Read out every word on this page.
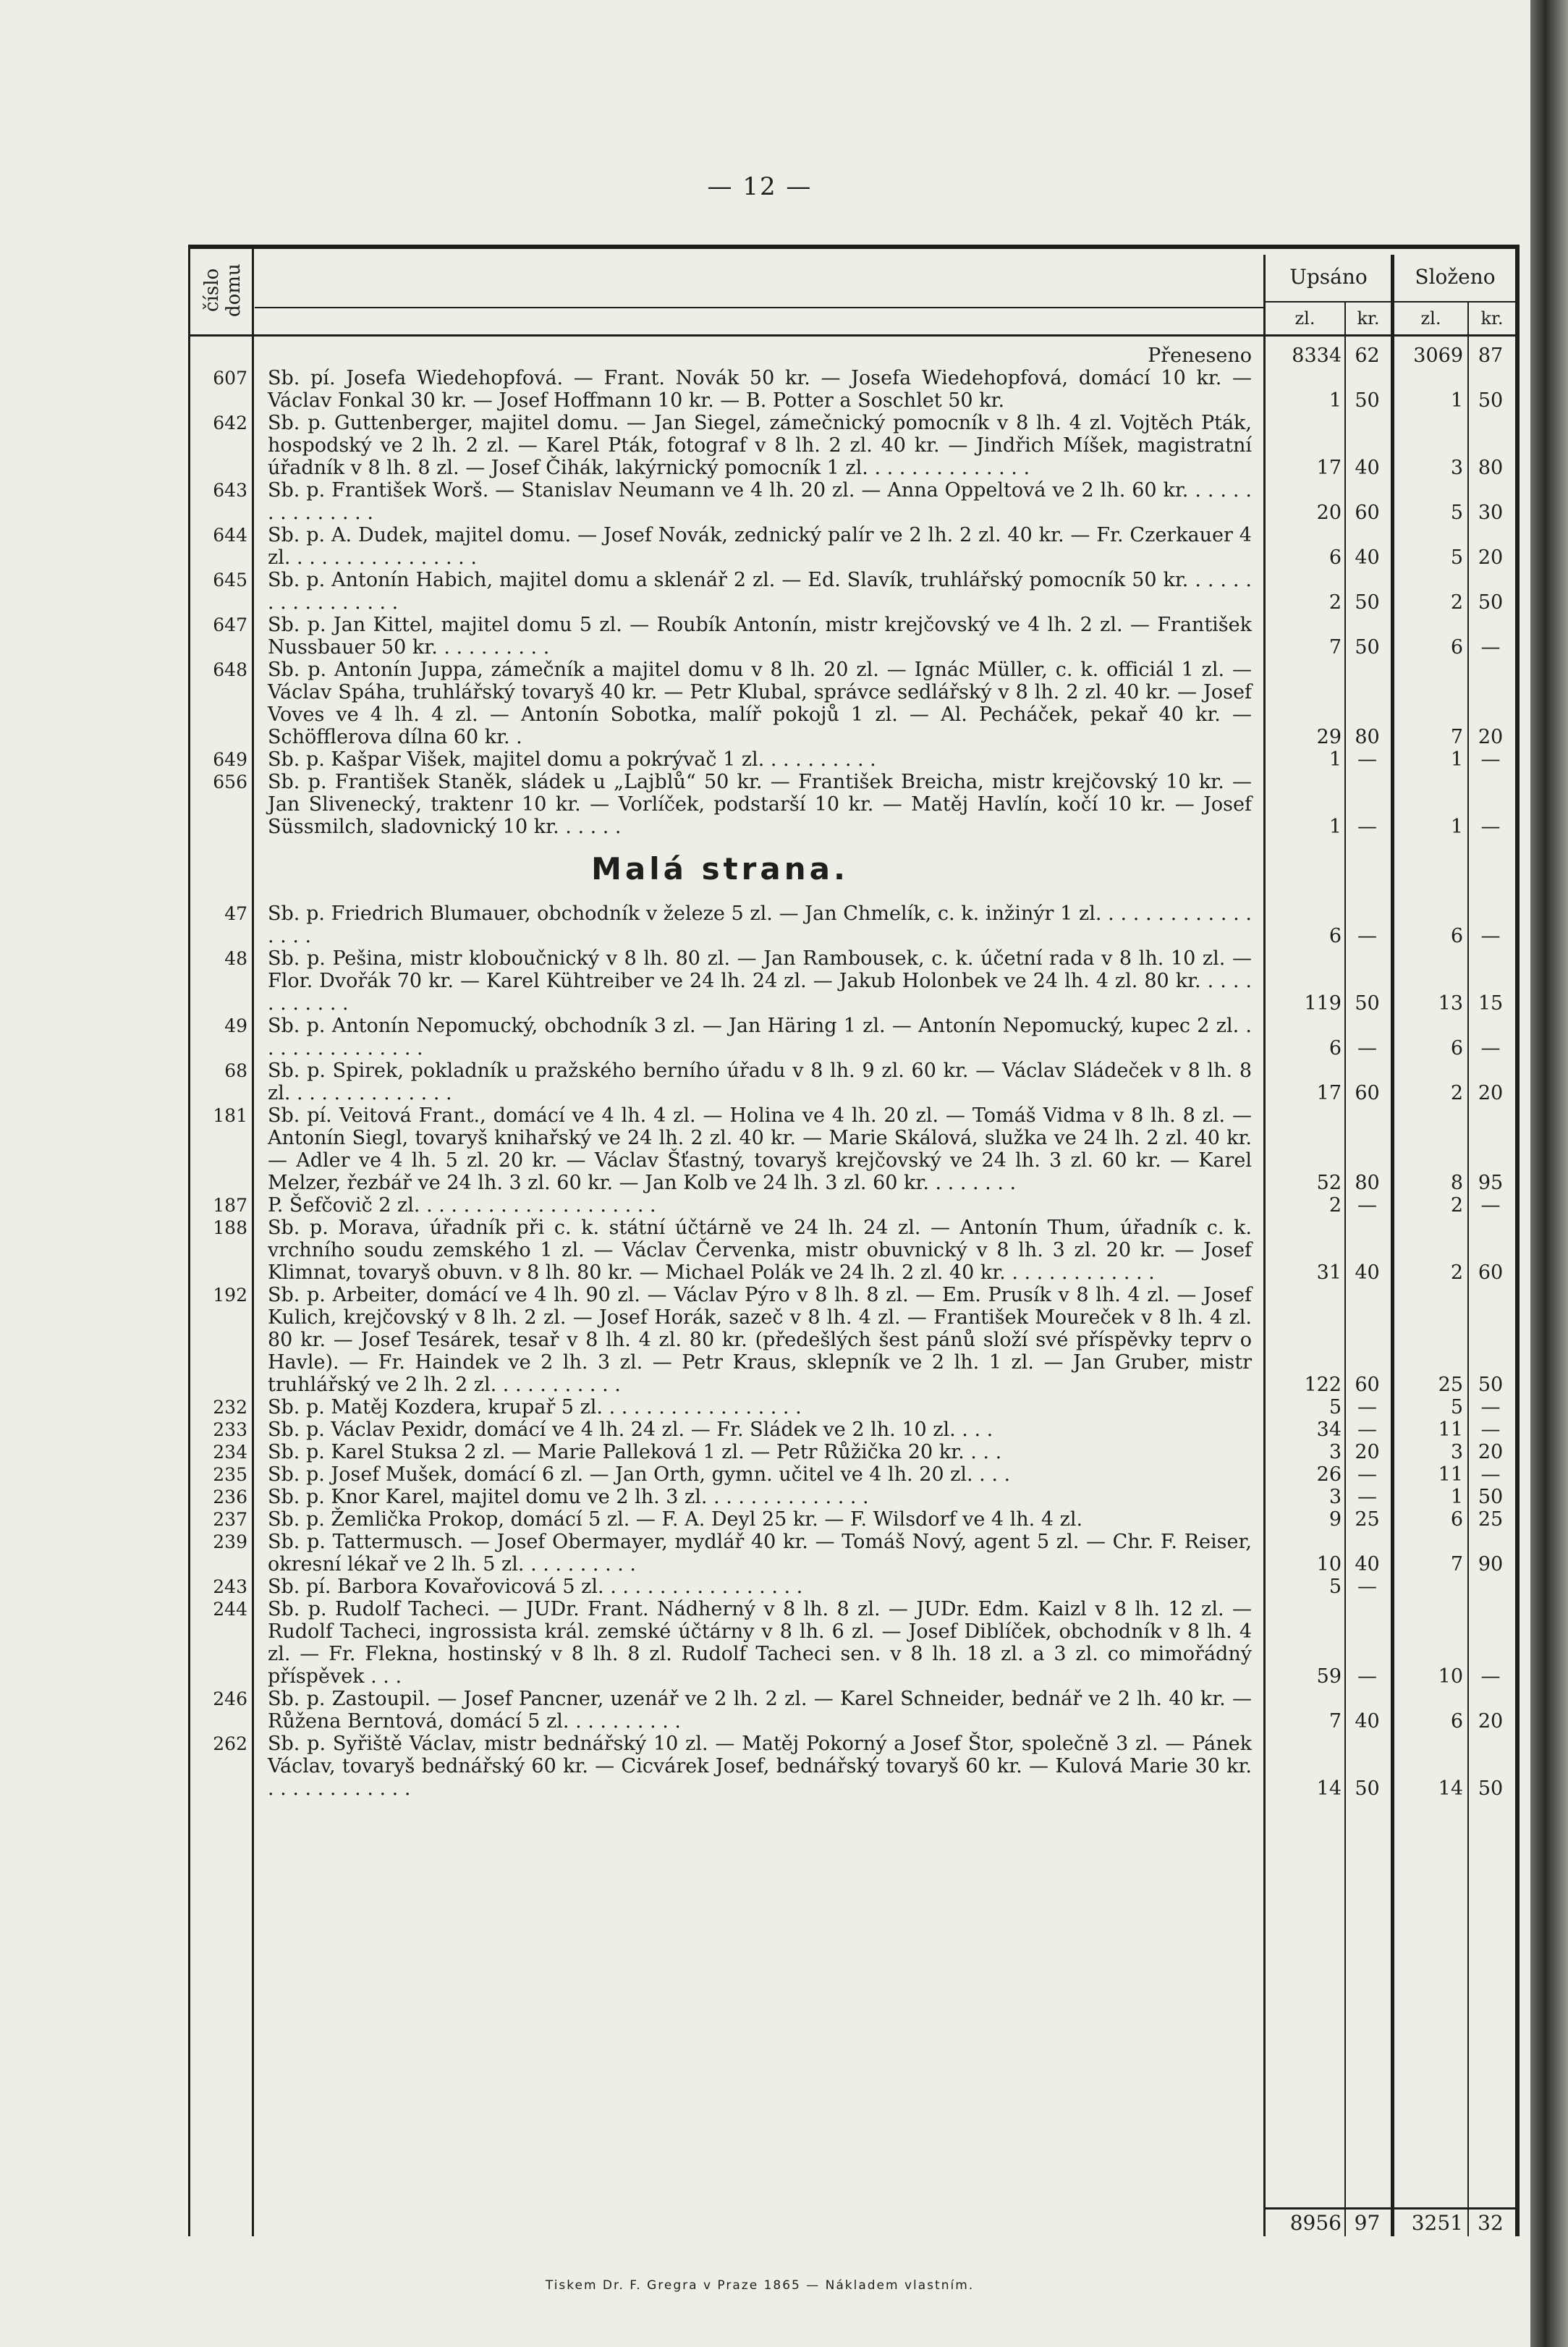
— 12 —
číslo domu	Upsáno	Složeno
zl.	kr.	zl.	kr.
Přeneseno	8334 62	3069 87
607 Sb. pí. Josefa Wiedehopfová. — Frant. Novák 50 kr. — Josefa Wiedehopfová, domácí 10 kr. — Václav Fonkal 30 kr. — Josef Hoffmann 10 kr. — B. Potter a Soschlet 50 kr.	1 50	1 50
642 Sb. p. Guttenberger, majitel domu. — Jan Siegel, zámečnický pomocník v 8 lh. 4 zl. Vojtěch Pták, hospodský ve 2 lh. 2 zl. — Karel Pták, fotograf v 8 lh. 2 zl. 40 kr. — Jindřich Míšek, magistratní úřadník v 8 lh. 8 zl. — Josef Čihák, lakýrnický pomocník 1 zl. . . . . . . . . . . . . .	17 40	3 80
643 Sb. p. František Worš. — Stanislav Neumann ve 4 lh. 20 zl. — Anna Oppeltová ve 2 lh. 60 kr. . . . . . . . . . . . . . .	20 60	5 30
644 Sb. p. A. Dudek, majitel domu. — Josef Novák, zednický palír ve 2 lh. 2 zl. 40 kr. — Fr. Czerkauer 4 zl. . . . . . . . . . . . . . . .	6 40	5 20
645 Sb. p. Antonín Habich, majitel domu a sklenář 2 zl. — Ed. Slavík, truhlářský pomocník 50 kr. . . . . . . . . . . . . . . . .	2 50	2 50
647 Sb. p. Jan Kittel, majitel domu 5 zl. — Roubík Antonín, mistr krejčovský ve 4 lh. 2 zl. — František Nussbauer 50 kr. . . . . . . . . .	7 50	6 —
648 Sb. p. Antonín Juppa, zámečník a majitel domu v 8 lh. 20 zl. — Ignác Müller, c. k. officiál 1 zl. — Václav Spáha, truhlářský tovaryš 40 kr. — Petr Klubal, správce sedlářský v 8 lh. 2 zl. 40 kr. — Josef Voves ve 4 lh. 4 zl. — Antonín Sobotka, malíř pokojů 1 zl. — Al. Pecháček, pekař 40 kr. — Schöfflerova dílna 60 kr. .	29 80	7 20
649 Sb. p. Kašpar Višek, majitel domu a pokrývač 1 zl. . . . . . . . . .	1 —	1 —
656 Sb. p. František Staněk, sládek u „Lajblů“ 50 kr. — František Breicha, mistr krejčovský 10 kr. — Jan Sliveneckу́, traktenr 10 kr. — Vorlíček, podstarší 10 kr. — Matěj Havlín, kočí 10 kr. — Josef Süssmilch, sladovnický 10 kr. . . . . .	1 —	1 —
Malá strana.
47 Sb. p. Friedrich Blumauer, obchodník v železe 5 zl. — Jan Chmelík, c. k. inžinýr 1 zl. . . . . . . . . . . . . . . . .	6 —	6 —
48 Sb. p. Pešina, mistr kloboučnický v 8 lh. 80 zl. — Jan Rambousek, c. k. účetní rada v 8 lh. 10 zl. — Flor. Dvořák 70 kr. — Karel Kühtreiber ve 24 lh. 24 zl. — Jakub Holonbek ve 24 lh. 4 zl. 80 kr. . . . . . . . . . . .	119 50	13 15
49 Sb. p. Antonín Nepomucký, obchodník 3 zl. — Jan Häring 1 zl. — Antonín Nepomucký, kupec 2 zl. . . . . . . . . . . . . . .	6 —	6 —
68 Sb. p. Spirek, pokladník u pražského berního úřadu v 8 lh. 9 zl. 60 kr. — Václav Sládeček v 8 lh. 8 zl. . . . . . . . . . . . . .	17 60	2 20
181 Sb. pí. Veitová Frant., domácí ve 4 lh. 4 zl. — Holina ve 4 lh. 20 zl. — Tomáš Vidma v 8 lh. 8 zl. — Antonín Siegl, tovaryš knihařský ve 24 lh. 2 zl. 40 kr. — Marie Skálová, služka ve 24 lh. 2 zl. 40 kr. — Adler ve 4 lh. 5 zl. 20 kr. — Václav Šťastný, tovaryš krejčovský ve 24 lh. 3 zl. 60 kr. — Karel Melzer, řezbář ve 24 lh. 3 zl. 60 kr. — Jan Kolb ve 24 lh. 3 zl. 60 kr. . . . . . . .	52 80	8 95
187 P. Šefčovič 2 zl. . . . . . . . . . . . . . . . . . . .	2 —	2 —
188 Sb. p. Morava, úřadník při c. k. státní účtárně ve 24 lh. 24 zl. — Antonín Thum, úřadník c. k. vrchního soudu zemského 1 zl. — Václav Červenka, mistr obuvnický v 8 lh. 3 zl. 20 kr. — Josef Klimnat, tovaryš obuvn. v 8 lh. 80 kr. — Michael Polák ve 24 lh. 2 zl. 40 kr. . . . . . . . . . . . .	31 40	2 60
192 Sb. p. Arbeiter, domácí ve 4 lh. 90 zl. — Václav Pýro v 8 lh. 8 zl. — Em. Prusík v 8 lh. 4 zl. — Josef Kulich, krejčovský v 8 lh. 2 zl. — Josef Horák, sazeč v 8 lh. 4 zl. — František Moureček v 8 lh. 4 zl. 80 kr. — Josef Tesárek, tesař v 8 lh. 4 zl. 80 kr. (předešlých šest pánů složí své příspěvky teprv o Havle). — Fr. Haindek ve 2 lh. 3 zl. — Petr Kraus, sklepník ve 2 lh. 1 zl. — Jan Gruber, mistr truhlářský ve 2 lh. 2 zl. . . . . . . . . . .	122 60	25 50
232 Sb. p. Matěj Kozdera, krupař 5 zl. . . . . . . . . . . . . . . . .	5 —	5 —
233 Sb. p. Václav Pexidr, domácí ve 4 lh. 24 zl. — Fr. Sládek ve 2 lh. 10 zl. . . .	34 —	11 —
234 Sb. p. Karel Stuksa 2 zl. — Marie Palleková 1 zl. — Petr Růžička 20 kr. . . .	3 20	3 20
235 Sb. p. Josef Mušek, domácí 6 zl. — Jan Orth, gymn. učitel ve 4 lh. 20 zl. . . .	26 —	11 —
236 Sb. p. Knor Karel, majitel domu ve 2 lh. 3 zl. . . . . . . . . . . . . .	3 —	1 50
237 Sb. p. Žemlička Prokop, domácí 5 zl. — F. A. Deyl 25 kr. — F. Wilsdorf ve 4 lh. 4 zl.	9 25	6 25
239 Sb. p. Tattermusch. — Josef Obermayer, mydlář 40 kr. — Tomáš Nový, agent 5 zl. — Chr. F. Reiser, okresní lékař ve 2 lh. 5 zl. . . . . . . . . .	10 40	7 90
243 Sb. pí. Barbora Kovařovicová 5 zl. . . . . . . . . . . . . . . . .	5 —
244 Sb. p. Rudolf Tacheci. — JUDr. Frant. Nádherný v 8 lh. 8 zl. — JUDr. Edm. Kaizl v 8 lh. 12 zl. — Rudolf Tacheci, ingrossista král. zemské účtárny v 8 lh. 6 zl. — Josef Diblíček, obchodník v 8 lh. 4 zl. — Fr. Flekna, hostinský v 8 lh. 8 zl. Rudolf Tacheci sen. v 8 lh. 18 zl. a 3 zl. co mimořádný příspěvek . . .	59 —	10 —
246 Sb. p. Zastoupil. — Josef Pancner, uzenář ve 2 lh. 2 zl. — Karel Schneider, bednář ve 2 lh. 40 kr. — Růžena Berntová, domácí 5 zl. . . . . . . . . .	7 40	6 20
262 Sb. p. Syřiště Václav, mistr bednářský 10 zl. — Matěj Pokorný a Josef Štor, společně 3 zl. — Pánek Václav, tovaryš bednářský 60 kr. — Cicvárek Josef, bednářský tovaryš 60 kr. — Kulová Marie 30 kr. . . . . . . . . . . . .	14 50	14 50
8956 97	3251 32
Tiskem Dr. F. Gregra v Praze 1865 — Nákladem vlastním.
